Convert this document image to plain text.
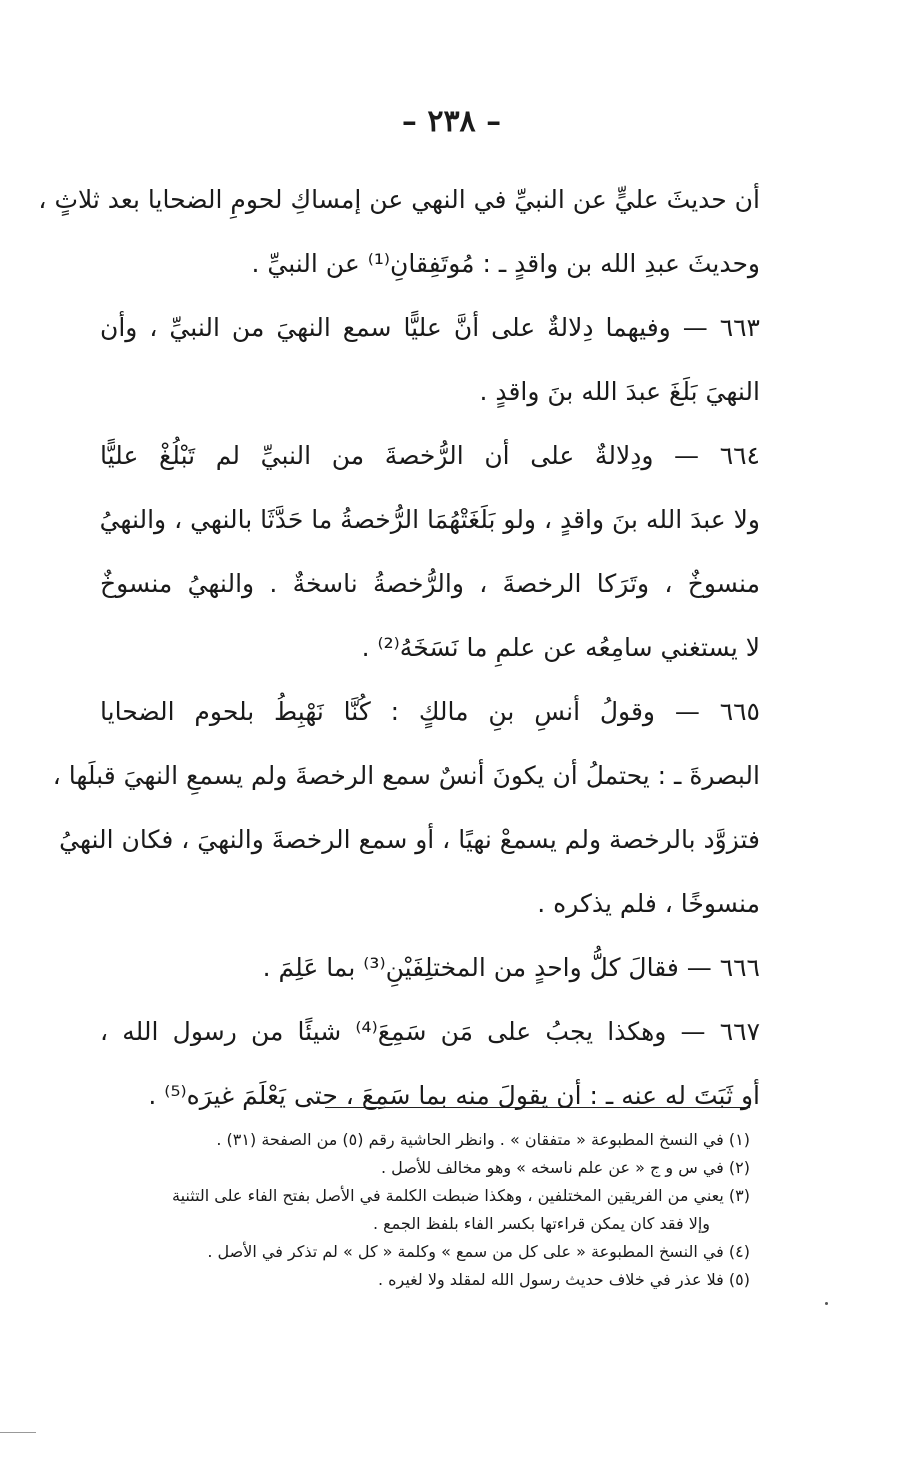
– ٢٣٨ –
أن حديثَ عليٍّ عن النبيِّ في النهي عن إمساكِ لحومِ الضحايا بعد ثلاثٍ ،
وحديثَ عبدِ الله بن واقدٍ ـ : مُوتَفِقانِ⁽¹⁾ عن النبيِّ .
٦٦٣ — وفيهما دِلالةٌ على أنَّ عليًّا سمع النهيَ من النبيِّ ، وأن
النهيَ بَلَغَ عبدَ الله بنَ واقدٍ .
٦٦٤ — ودِلالةٌ على أن الرُّخصةَ من النبيِّ لم تَبْلُغْ عليًّا
ولا عبدَ الله بنَ واقدٍ ، ولو بَلَغَتْهُمَا الرُّخصةُ ما حَدَّثَا بالنهي ، والنهيُ
منسوخٌ ، وتَرَكا الرخصةَ ، والرُّخصةُ ناسخةٌ . والنهيُ منسوخٌ
لا يستغني سامِعُه عن علمِ ما نَسَخَهُ⁽²⁾ .
٦٦٥ — وقولُ أنسِ بنِ مالكٍ : كُنَّا نَهْبِطُ بلحوم الضحايا
البصرةَ ـ : يحتملُ أن يكونَ أنسٌ سمع الرخصةَ ولم يسمعِ النهيَ قبلَها ،
فتزوَّد بالرخصة ولم يسمعْ نهيًا ، أو سمع الرخصةَ والنهيَ ، فكان النهيُ
منسوخًا ، فلم يذكره .
٦٦٦ — فقالَ كلُّ واحدٍ من المختلِفَيْنِ⁽³⁾ بما عَلِمَ .
٦٦٧ — وهكذا يجبُ على مَن سَمِعَ⁽⁴⁾ شيئًا من رسول الله ،
أو ثَبَتَ له عنه ـ : أن يقولَ منه بما سَمِعَ ، حتى يَعْلَمَ غيرَه⁽⁵⁾ .
(١) في النسخ المطبوعة « متفقان » . وانظر الحاشية رقم (٥) من الصفحة (٣١) .
(٢) في س و ج « عن علم ناسخه » وهو مخالف للأصل .
(٣) يعني من الفريقين المختلفين ، وهكذا ضبطت الكلمة في الأصل بفتح الفاء على التثنية
وإلا فقد كان يمكن قراءتها بكسر الفاء بلفظ الجمع .
(٤) في النسخ المطبوعة « على كل من سمع » وكلمة « كل » لم تذكر في الأصل .
(٥) فلا عذر في خلاف حديث رسول الله لمقلد ولا لغيره .
